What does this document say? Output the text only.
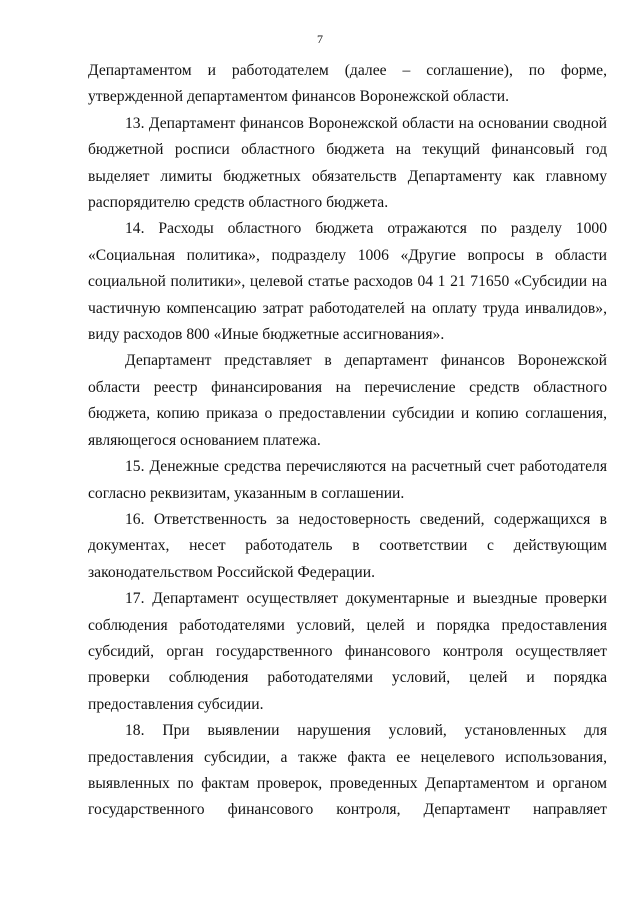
7

Департаментом и работодателем (далее – соглашение), по форме, утвержденной департаментом финансов Воронежской области.

13. Департамент финансов Воронежской области на основании сводной бюджетной росписи областного бюджета на текущий финансовый год выделяет лимиты бюджетных обязательств Департаменту как главному распорядителю средств областного бюджета.

14. Расходы областного бюджета отражаются по разделу 1000 «Социальная политика», подразделу 1006 «Другие вопросы в области социальной политики», целевой статье расходов 04 1 21 71650 «Субсидии на частичную компенсацию затрат работодателей на оплату труда инвалидов», виду расходов 800 «Иные бюджетные ассигнования».

Департамент представляет в департамент финансов Воронежской области реестр финансирования на перечисление средств областного бюджета, копию приказа о предоставлении субсидии и копию соглашения, являющегося основанием платежа.

15. Денежные средства перечисляются на расчетный счет работодателя согласно реквизитам, указанным в соглашении.

16. Ответственность за недостоверность сведений, содержащихся в документах, несет работодатель в соответствии с действующим законодательством Российской Федерации.

17. Департамент осуществляет документарные и выездные проверки соблюдения работодателями условий, целей и порядка предоставления субсидий, орган государственного финансового контроля осуществляет проверки соблюдения работодателями условий, целей и порядка предоставления субсидии.

18. При выявлении нарушения условий, установленных для предоставления субсидии, а также факта ее нецелевого использования, выявленных по фактам проверок, проведенных Департаментом и органом государственного финансового контроля, Департамент направляет
